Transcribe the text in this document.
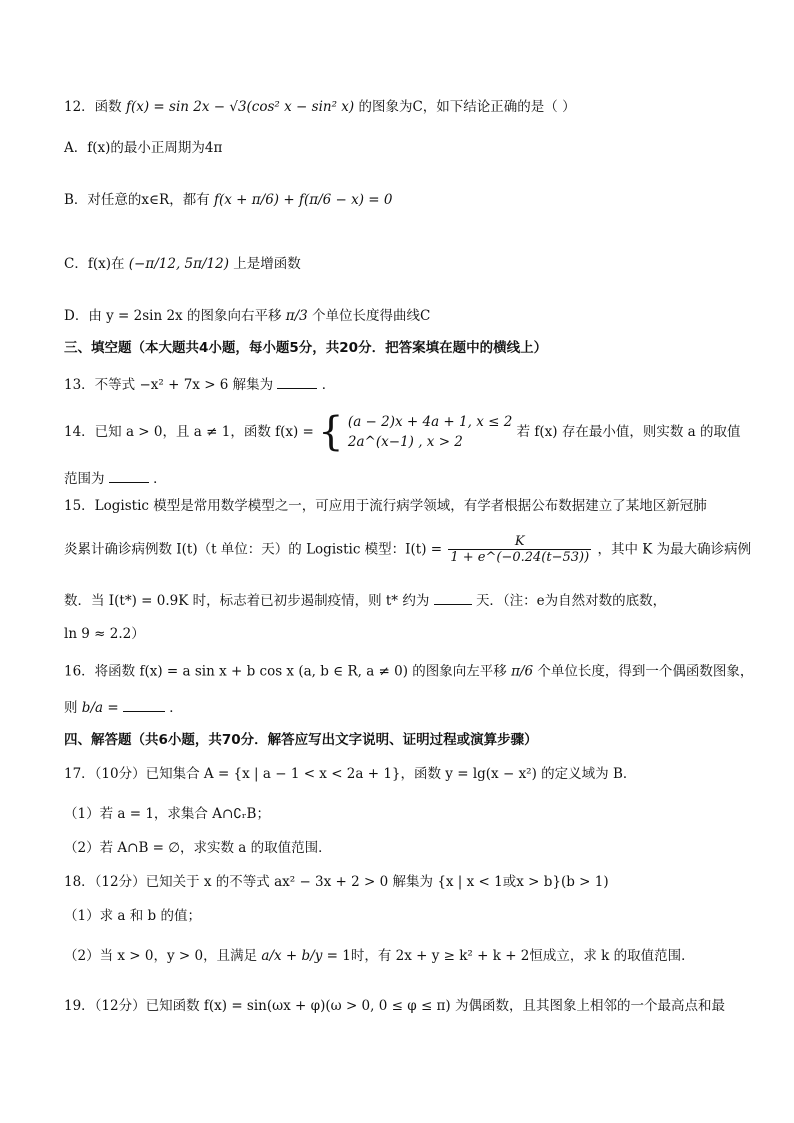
12．函数 f(x) = sin 2x − √3(cos² x − sin² x) 的图象为C，如下结论正确的是（ ）
A．f(x)的最小正周期为4π
B．对任意的x∈R，都有 f(x + π/6) + f(π/6 − x) = 0
C．f(x)在 (−π/12, 5π/12) 上是增函数
D．由 y = 2sin 2x 的图象向右平移 π/3 个单位长度得曲线C
三、填空题（本大题共4小题，每小题5分，共20分．把答案填在题中的横线上）
13．不等式 −x² + 7x > 6 解集为	．
14．已知 a > 0，且 a ≠ 1，函数 f(x) = { (a − 2)x + 4a + 1, x ≤ 2
2a^(x−1) , x > 2
若 f(x) 存在最小值，则实数 a 的取值
范围为	．
15．Logistic 模型是常用数学模型之一，可应用于流行病学领域，有学者根据公布数据建立了某地区新冠肺
炎累计确诊病例数 I(t)（t 单位：天）的 Logistic 模型：$I(t) = \frac{K}{1 + e\^{}(-0.24(t-53))}$ ，其中 K 为最大确诊病例
数．当 I(t*) = 0.9K 时，标志着已初步遏制疫情，则 t* 约为	天．（注：e为自然对数的底数，
ln 9 ≈ 2.2）
16．将函数 f(x) = a sin x + b cos x (a, b ∈ R, a ≠ 0) 的图象向左平移 π/6 个单位长度，得到一个偶函数图象，
则 b/a =	．
四、解答题（共6小题，共70分．解答应写出文字说明、证明过程或演算步骤）
17．（10分）已知集合 A = {x | a − 1 < x < 2a + 1}，函数 y = lg(x − x²) 的定义域为 B．
（1）若 a = 1，求集合 A∩∁ᵣB；
（2）若 A∩B = ∅，求实数 a 的取值范围．
18．（12分）已知关于 x 的不等式 ax² − 3x + 2 > 0 解集为 {x | x < 1或x > b}(b > 1)
（1）求 a 和 b 的值；
（2）当 x > 0，y > 0，且满足 a/x + b/y = 1时，有 2x + y ≥ k² + k + 2恒成立，求 k 的取值范围．
19．（12分）已知函数 f(x) = sin(ωx + φ)(ω > 0, 0 ≤ φ ≤ π) 为偶函数，且其图象上相邻的一个最高点和最
